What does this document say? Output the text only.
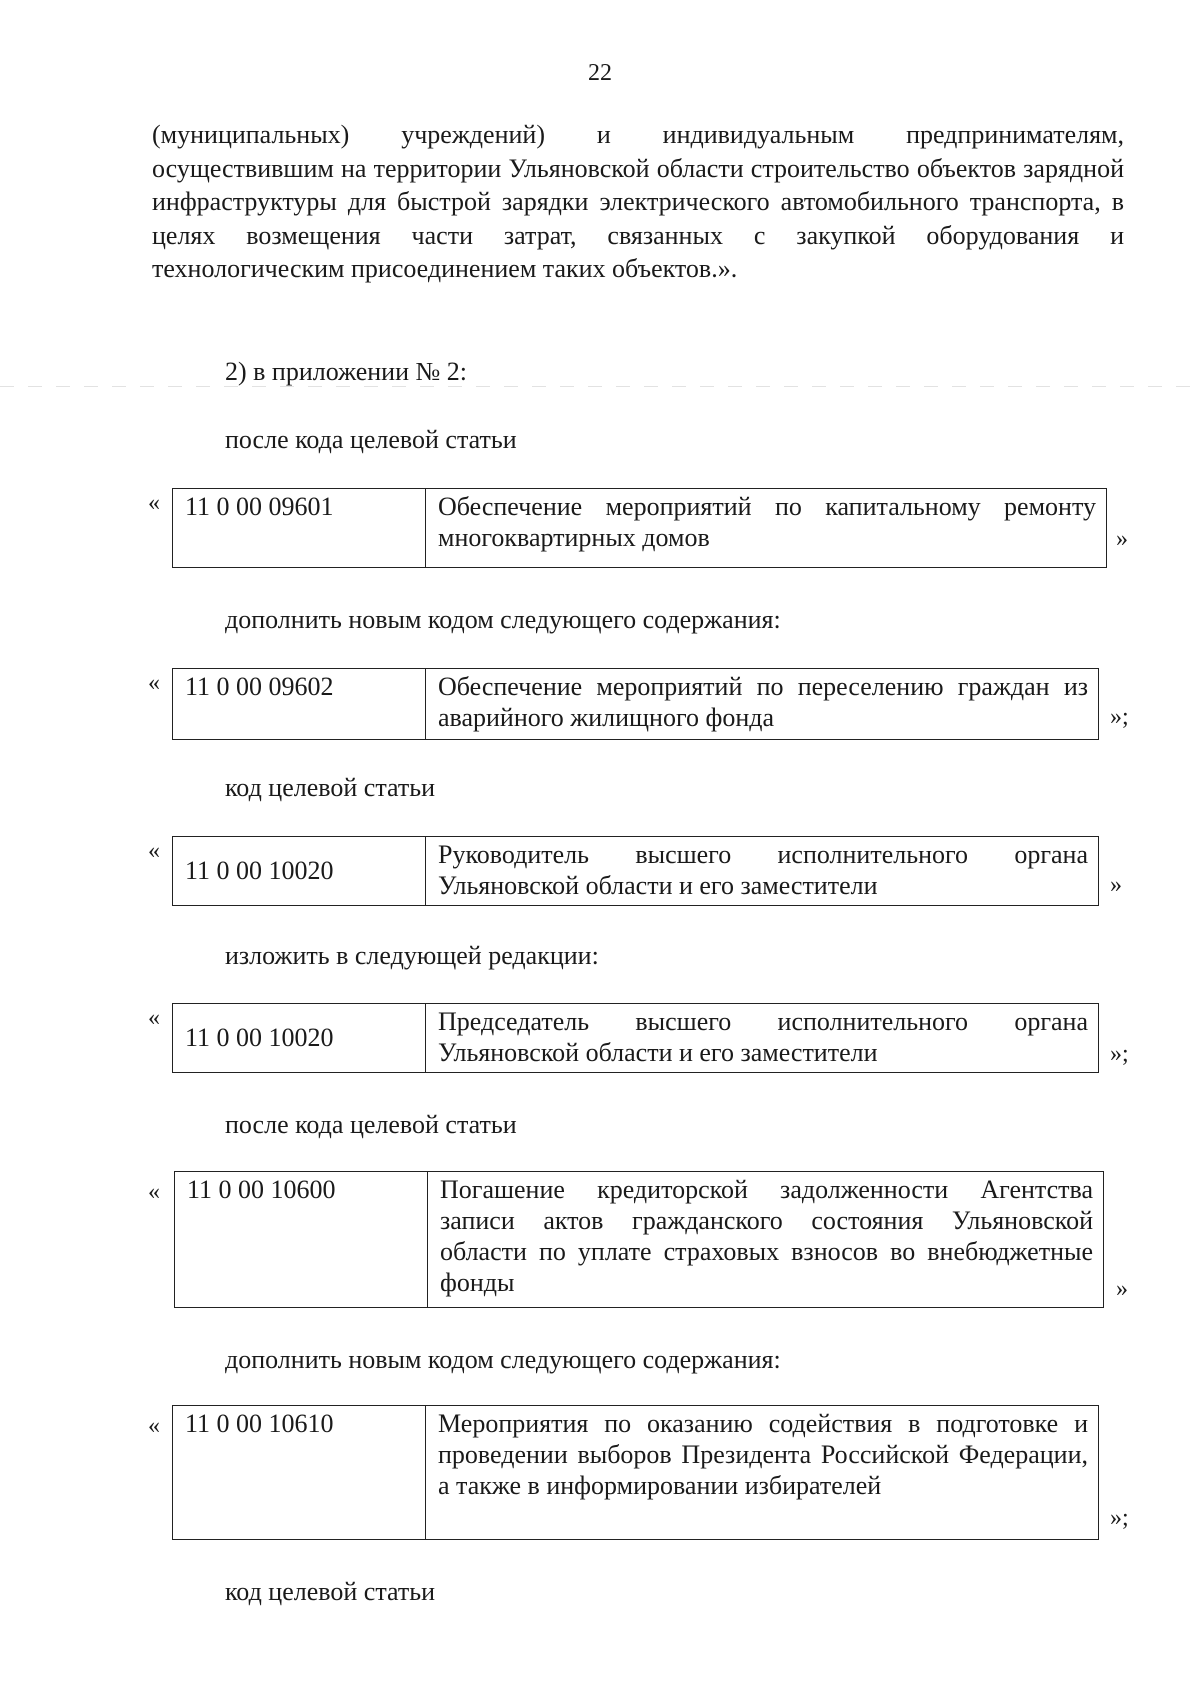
22

(муниципальных) учреждений) и индивидуальным предпринимателям, осуществившим на территории Ульяновской области строительство объектов зарядной инфраструктуры для быстрой зарядки электрического автомобильного транспорта, в целях возмещения части затрат, связанных с закупкой оборудования и технологическим присоединением таких объектов.».

2) в приложении № 2:
после кода целевой статьи
« 11 0 00 09601	Обеспечение мероприятий по капитальному ремонту многоквартирных домов	»
дополнить новым кодом следующего содержания:
« 11 0 00 09602	Обеспечение мероприятий по переселению граждан из аварийного жилищного фонда	»;
код целевой статьи
«
11 0 00 10020	Руководитель высшего исполнительного органа Ульяновской области и его заместители	»
изложить в следующей редакции:
«
11 0 00 10020	Председатель высшего исполнительного органа Ульяновской области и его заместители	»;
после кода целевой статьи
« 11 0 00 10600	Погашение кредиторской задолженности Агентства записи актов гражданского состояния Ульяновской области по уплате страховых взносов во внебюджетные фонды	»
дополнить новым кодом следующего содержания:
« 11 0 00 10610	Мероприятия по оказанию содействия в подготовке и проведении выборов Президента Российской Федерации, а также в информировании избирателей
»;
код целевой статьи
